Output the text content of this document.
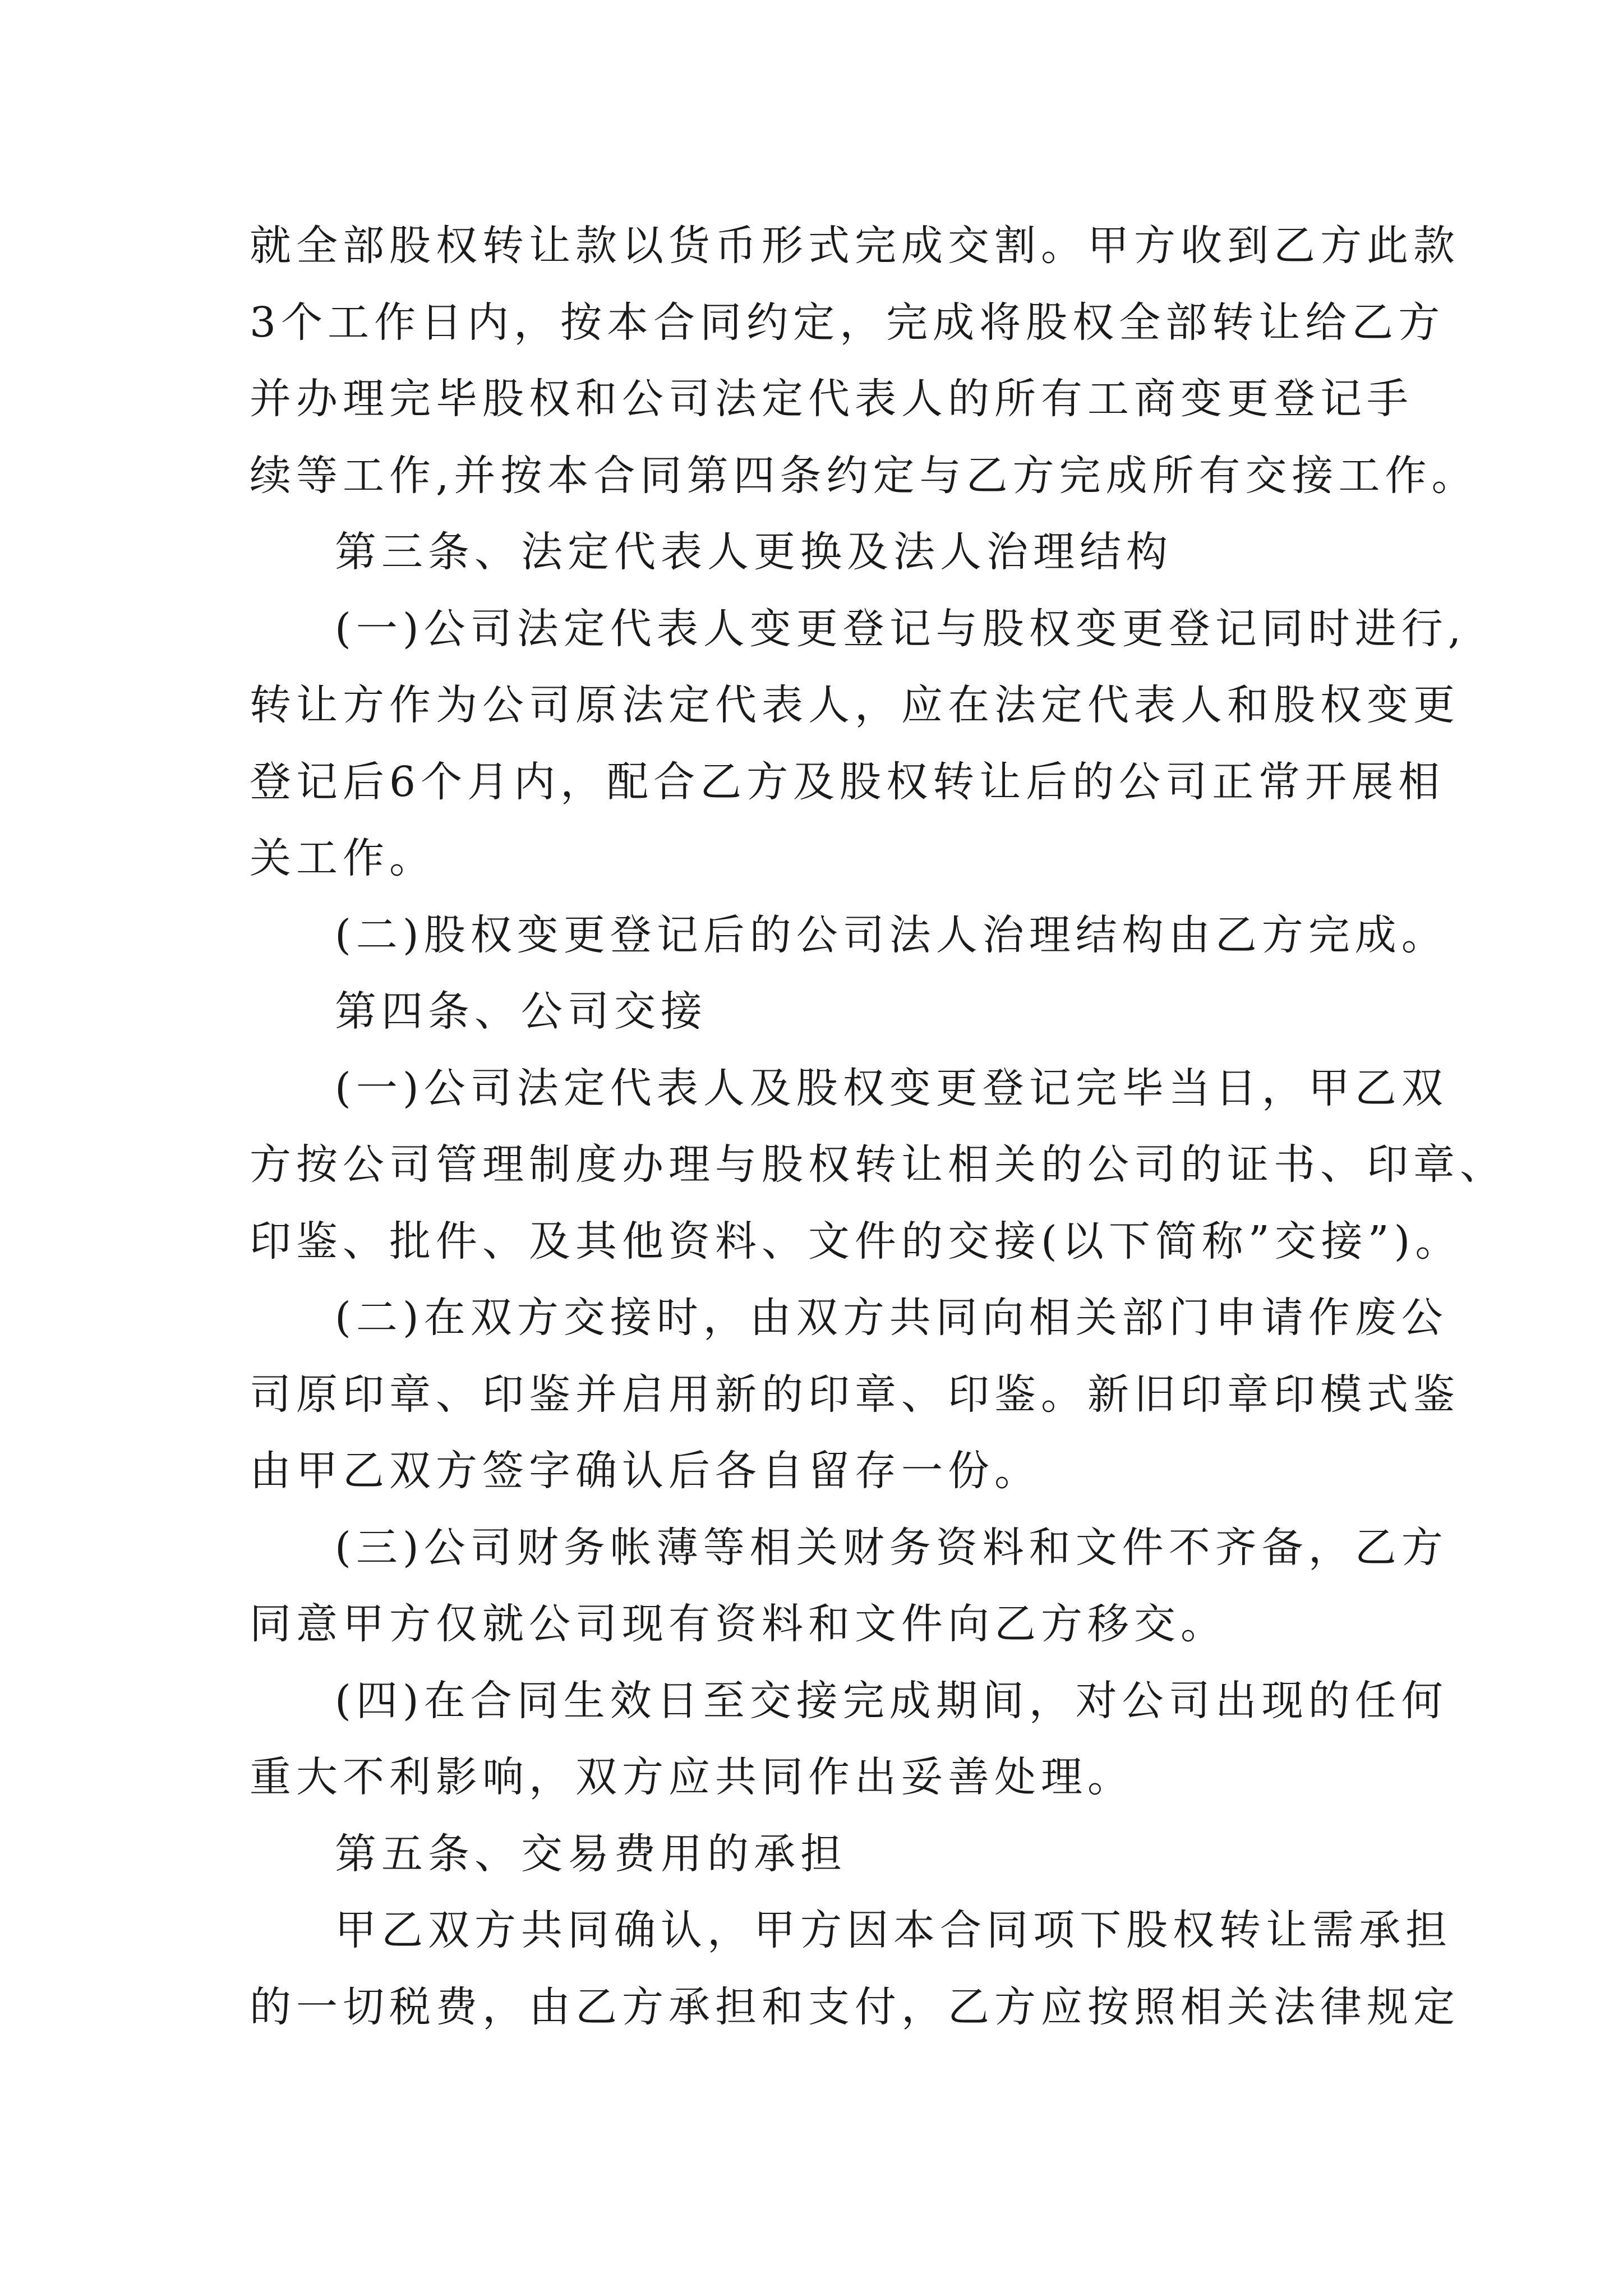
就全部股权转让款以货币形式完成交割。甲方收到乙方此款
3个工作日内，按本合同约定，完成将股权全部转让给乙方
并办理完毕股权和公司法定代表人的所有工商变更登记手
续等工作,并按本合同第四条约定与乙方完成所有交接工作。
第三条、法定代表人更换及法人治理结构
(一)公司法定代表人变更登记与股权变更登记同时进行,
转让方作为公司原法定代表人，应在法定代表人和股权变更
登记后6个月内，配合乙方及股权转让后的公司正常开展相
关工作。
(二)股权变更登记后的公司法人治理结构由乙方完成。
第四条、公司交接
(一)公司法定代表人及股权变更登记完毕当日，甲乙双
方按公司管理制度办理与股权转让相关的公司的证书、印章、
印鉴、批件、及其他资料、文件的交接(以下简称”交接”)。
(二)在双方交接时，由双方共同向相关部门申请作废公
司原印章、印鉴并启用新的印章、印鉴。新旧印章印模式鉴
由甲乙双方签字确认后各自留存一份。
(三)公司财务帐薄等相关财务资料和文件不齐备，乙方
同意甲方仅就公司现有资料和文件向乙方移交。
(四)在合同生效日至交接完成期间，对公司出现的任何
重大不利影响，双方应共同作出妥善处理。
第五条、交易费用的承担
甲乙双方共同确认，甲方因本合同项下股权转让需承担
的一切税费，由乙方承担和支付，乙方应按照相关法律规定
